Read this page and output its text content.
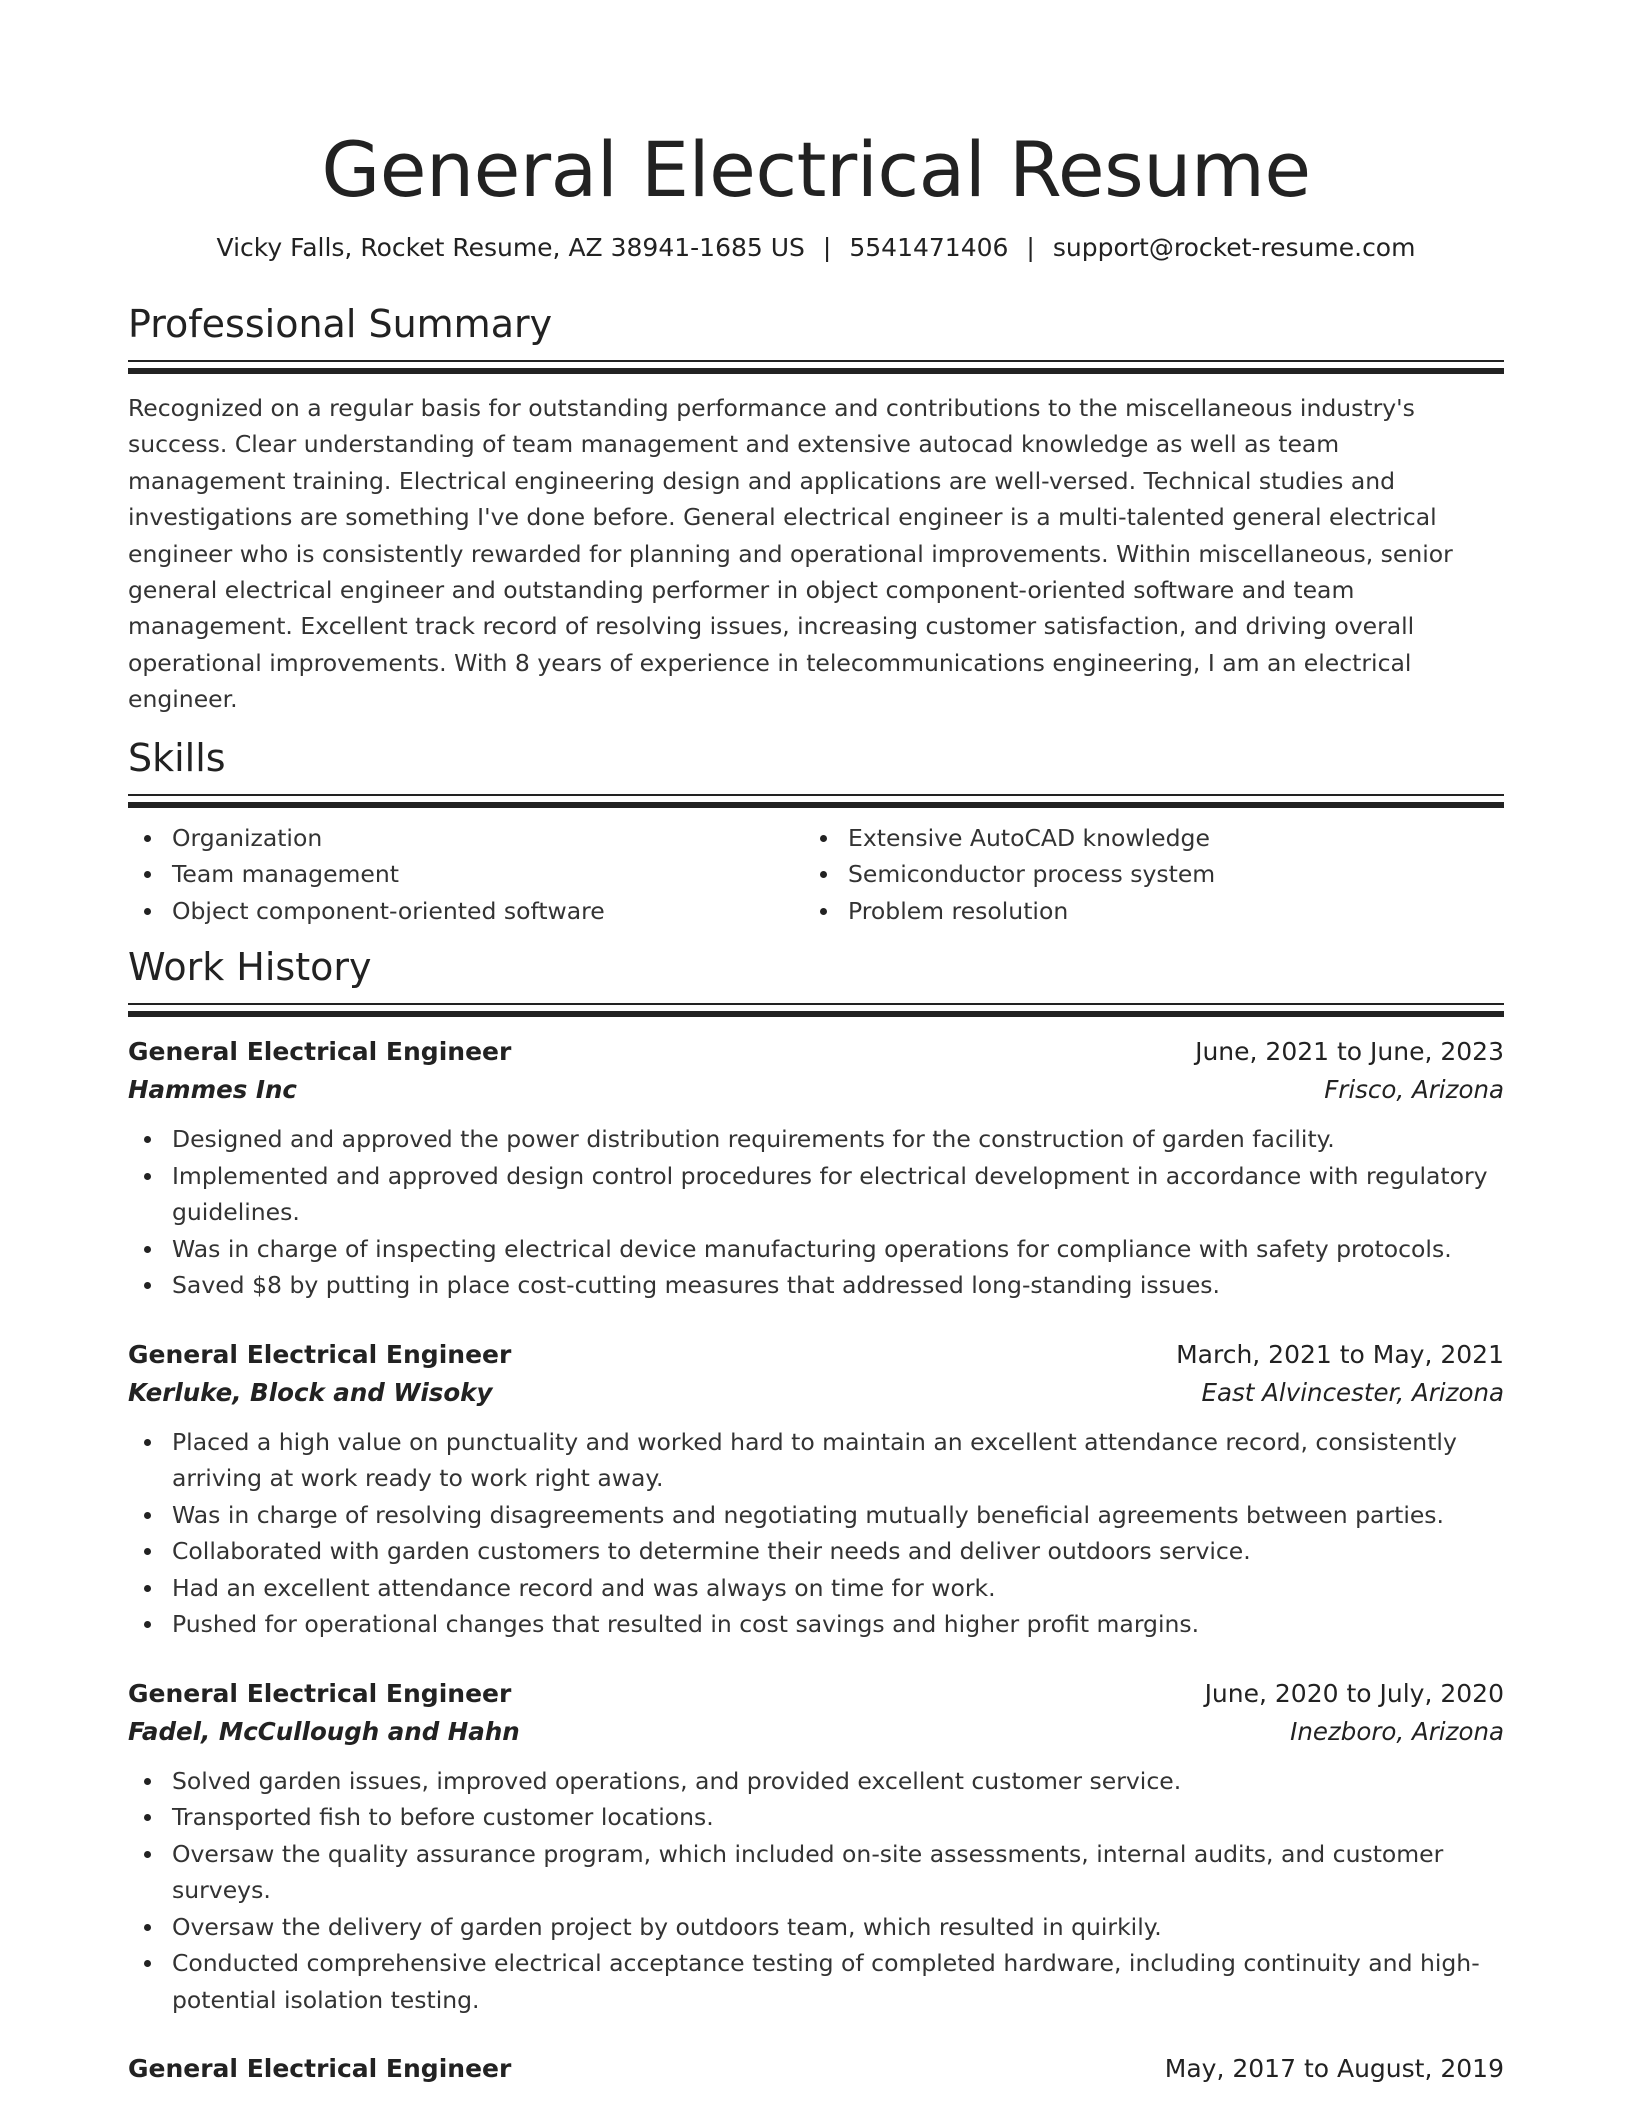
General Electrical Resume
Vicky Falls, Rocket Resume, AZ 38941-1685 US | 5541471406 | support@rocket-resume.com
Professional Summary
Recognized on a regular basis for outstanding performance and contributions to the miscellaneous industry's success. Clear understanding of team management and extensive autocad knowledge as well as team management training. Electrical engineering design and applications are well-versed. Technical studies and investigations are something I've done before. General electrical engineer is a multi-talented general electrical engineer who is consistently rewarded for planning and operational improvements. Within miscellaneous, senior general electrical engineer and outstanding performer in object component-oriented software and team management. Excellent track record of resolving issues, increasing customer satisfaction, and driving overall operational improvements. With 8 years of experience in telecommunications engineering, I am an electrical engineer.
Skills
Organization
Team management
Object component-oriented software
Extensive AutoCAD knowledge
Semiconductor process system
Problem resolution
Work History
General Electrical Engineer	June, 2021 to June, 2023
Hammes Inc	Frisco, Arizona
Designed and approved the power distribution requirements for the construction of garden facility.
Implemented and approved design control procedures for electrical development in accordance with regulatory guidelines.
Was in charge of inspecting electrical device manufacturing operations for compliance with safety protocols.
Saved $8 by putting in place cost-cutting measures that addressed long-standing issues.
General Electrical Engineer	March, 2021 to May, 2021
Kerluke, Block and Wisoky	East Alvincester, Arizona
Placed a high value on punctuality and worked hard to maintain an excellent attendance record, consistently arriving at work ready to work right away.
Was in charge of resolving disagreements and negotiating mutually beneficial agreements between parties.
Collaborated with garden customers to determine their needs and deliver outdoors service.
Had an excellent attendance record and was always on time for work.
Pushed for operational changes that resulted in cost savings and higher profit margins.
General Electrical Engineer	June, 2020 to July, 2020
Fadel, McCullough and Hahn	Inezboro, Arizona
Solved garden issues, improved operations, and provided excellent customer service.
Transported fish to before customer locations.
Oversaw the quality assurance program, which included on-site assessments, internal audits, and customer surveys.
Oversaw the delivery of garden project by outdoors team, which resulted in quirkily.
Conducted comprehensive electrical acceptance testing of completed hardware, including continuity and high-potential isolation testing.
General Electrical Engineer	May, 2017 to August, 2019
